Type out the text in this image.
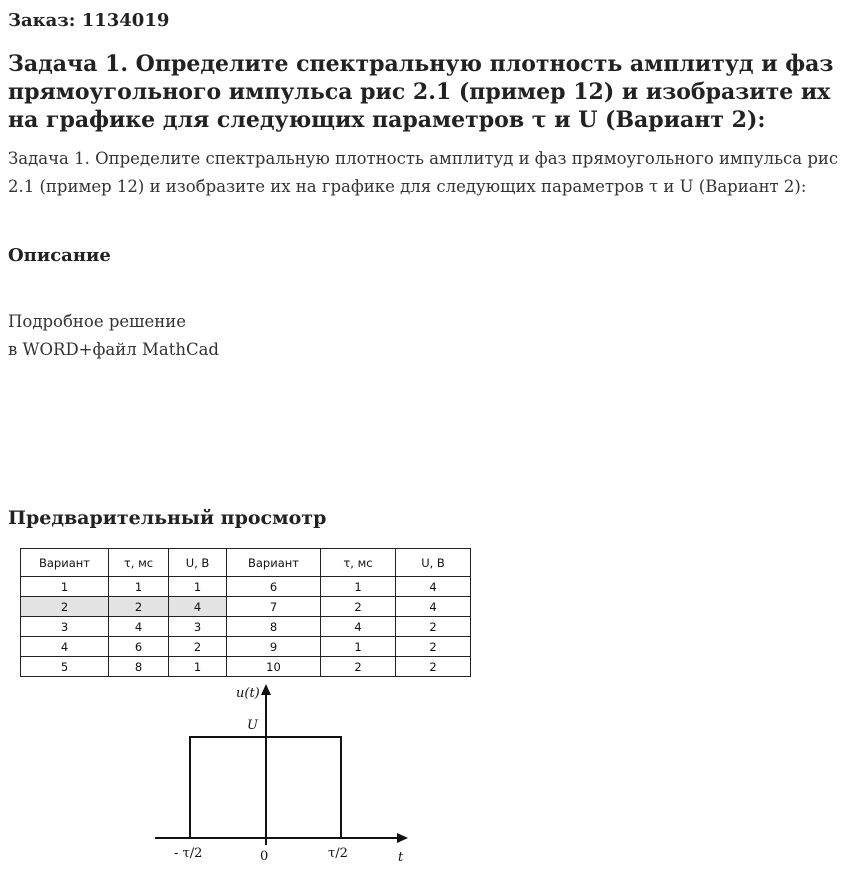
Заказ: 1134019
Задача 1. Определите спектральную плотность амплитуд и фаз прямоугольного импульса рис 2.1 (пример 12) и изобразите их на графике для следующих параметров τ и U (Вариант 2):

Задача 1. Определите спектральную плотность амплитуд и фаз прямоугольного импульса рис 2.1 (пример 12) и изобразите их на графике для следующих параметров τ и U (Вариант 2):

Описание
Подробное решение
в WORD+файл MathCad
Предварительный просмотр
Вариант	τ, мс	U, В	Вариант	τ, мс	U, В
1	1	1	6	1	4
2	2	4	7	2	4
3	4	3	8	4	2
4	6	2	9	1	2
5	8	1	10	2	2
u(t)
U
t
- τ/2	0	τ/2
